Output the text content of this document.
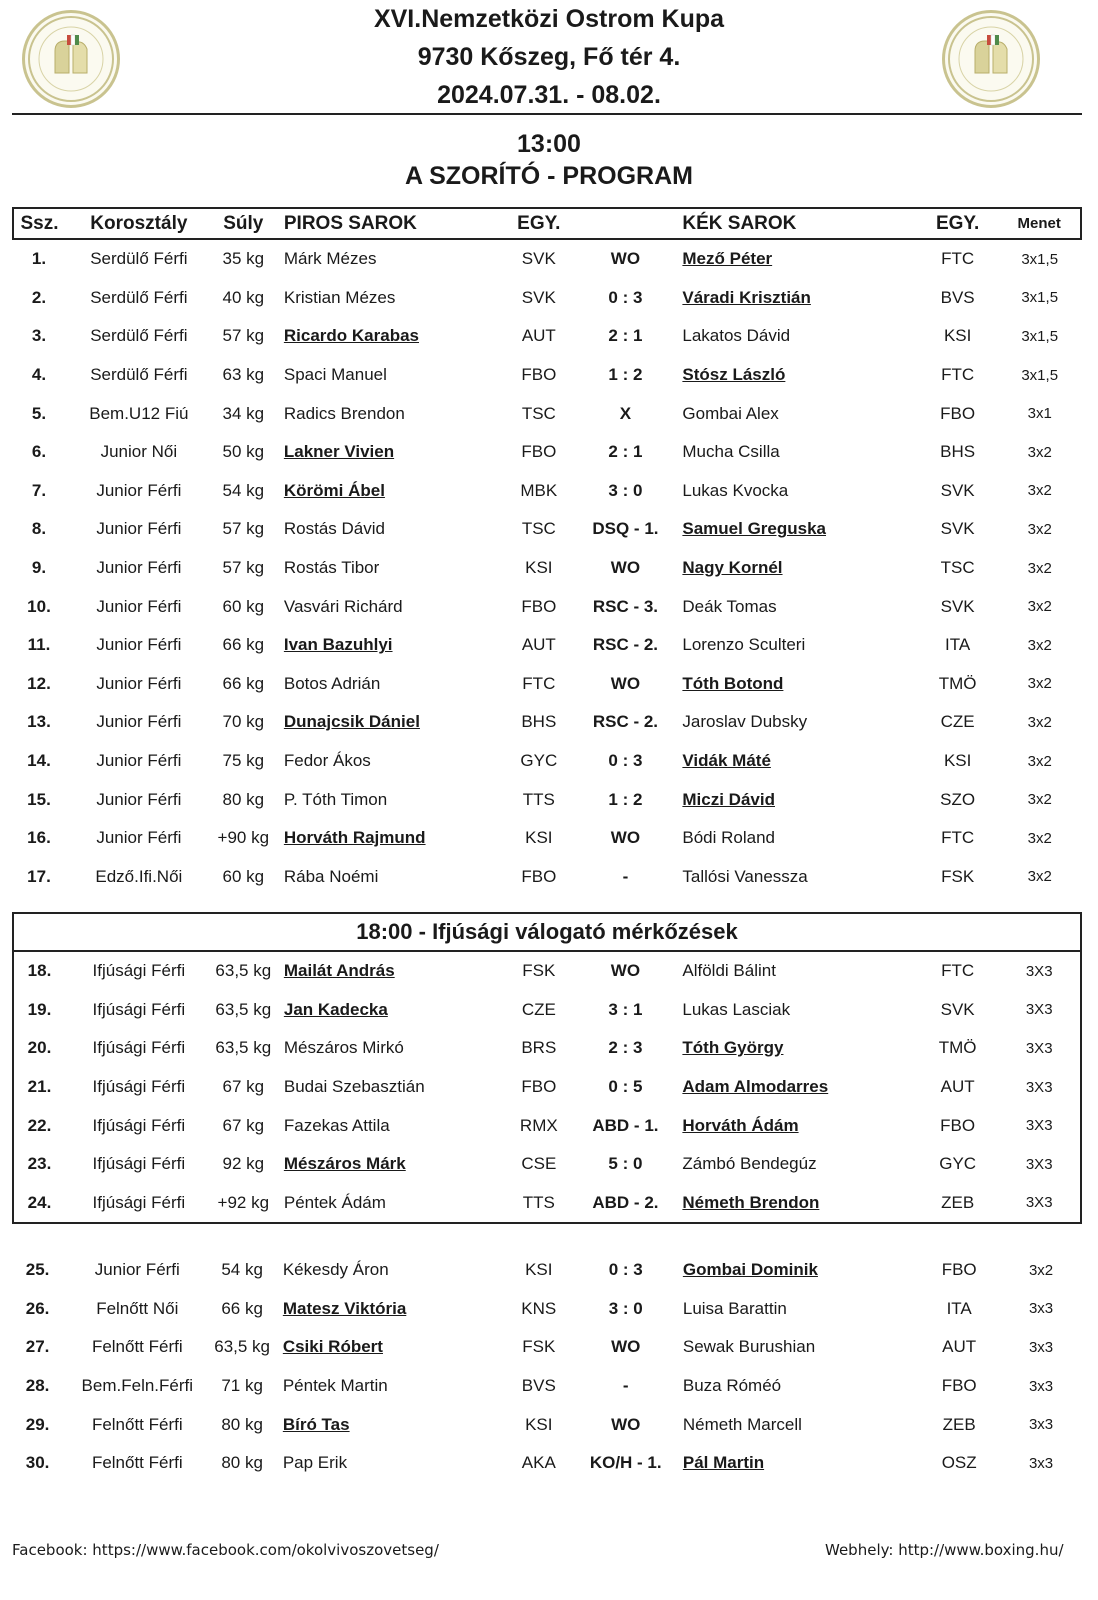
XVI.Nemzetközi Ostrom Kupa
9730 Kőszeg, Fő tér 4.
2024.07.31. - 08.02.
13:00
A SZORÍTÓ - PROGRAM
Ssz.	Korosztály	Súly	PIROS SAROK	EGY.		KÉK SAROK	EGY.	Menet
1.	Serdülő Férfi	35 kg	Márk Mézes	SVK	WO	Mező Péter	FTC	3x1,5
2.	Serdülő Férfi	40 kg	Kristian Mézes	SVK	0 : 3	Váradi Krisztián	BVS	3x1,5
3.	Serdülő Férfi	57 kg	Ricardo Karabas	AUT	2 : 1	Lakatos Dávid	KSI	3x1,5
4.	Serdülő Férfi	63 kg	Spaci Manuel	FBO	1 : 2	Stósz László	FTC	3x1,5
5.	Bem.U12 Fiú	34 kg	Radics Brendon	TSC	X	Gombai Alex	FBO	3x1
6.	Junior Női	50 kg	Lakner Vivien	FBO	2 : 1	Mucha Csilla	BHS	3x2
7.	Junior Férfi	54 kg	Körömi Ábel	MBK	3 : 0	Lukas Kvocka	SVK	3x2
8.	Junior Férfi	57 kg	Rostás Dávid	TSC	DSQ - 1.	Samuel Greguska	SVK	3x2
9.	Junior Férfi	57 kg	Rostás Tibor	KSI	WO	Nagy Kornél	TSC	3x2
10.	Junior Férfi	60 kg	Vasvári Richárd	FBO	RSC - 3.	Deák Tomas	SVK	3x2
11.	Junior Férfi	66 kg	Ivan Bazuhlyi	AUT	RSC - 2.	Lorenzo Sculteri	ITA	3x2
12.	Junior Férfi	66 kg	Botos Adrián	FTC	WO	Tóth Botond	TMÖ	3x2
13.	Junior Férfi	70 kg	Dunajcsik Dániel	BHS	RSC - 2.	Jaroslav Dubsky	CZE	3x2
14.	Junior Férfi	75 kg	Fedor Ákos	GYC	0 : 3	Vidák Máté	KSI	3x2
15.	Junior Férfi	80 kg	P. Tóth Timon	TTS	1 : 2	Miczi Dávid	SZO	3x2
16.	Junior Férfi	+90 kg	Horváth Rajmund	KSI	WO	Bódi Roland	FTC	3x2
17.	Edző.Ifi.Női	60 kg	Rába Noémi	FBO	-	Tallósi Vanessza	FSK	3x2
18:00 - Ifjúsági válogató mérkőzések
18.	Ifjúsági Férfi	63,5 kg	Mailát András	FSK	WO	Alföldi Bálint	FTC	3X3
19.	Ifjúsági Férfi	63,5 kg	Jan Kadecka	CZE	3 : 1	Lukas Lasciak	SVK	3X3
20.	Ifjúsági Férfi	63,5 kg	Mészáros Mirkó	BRS	2 : 3	Tóth György	TMÖ	3X3
21.	Ifjúsági Férfi	67 kg	Budai Szebasztián	FBO	0 : 5	Adam Almodarres	AUT	3X3
22.	Ifjúsági Férfi	67 kg	Fazekas Attila	RMX	ABD - 1.	Horváth Ádám	FBO	3X3
23.	Ifjúsági Férfi	92 kg	Mészáros Márk	CSE	5 : 0	Zámbó Bendegúz	GYC	3X3
24.	Ifjúsági Férfi	+92 kg	Péntek Ádám	TTS	ABD - 2.	Németh Brendon	ZEB	3X3
25.	Junior Férfi	54 kg	Kékesdy Áron	KSI	0 : 3	Gombai Dominik	FBO	3x2
26.	Felnőtt Női	66 kg	Matesz Viktória	KNS	3 : 0	Luisa Barattin	ITA	3x3
27.	Felnőtt Férfi	63,5 kg	Csiki Róbert	FSK	WO	Sewak Burushian	AUT	3x3
28.	Bem.Feln.Férfi	71 kg	Péntek Martin	BVS	-	Buza Róméó	FBO	3x3
29.	Felnőtt Férfi	80 kg	Bíró Tas	KSI	WO	Németh Marcell	ZEB	3x3
30.	Felnőtt Férfi	80 kg	Pap Erik	AKA	KO/H - 1.	Pál Martin	OSZ	3x3
Facebook: https://www.facebook.com/okolvivoszovetseg/	Webhely: http://www.boxing.hu/
